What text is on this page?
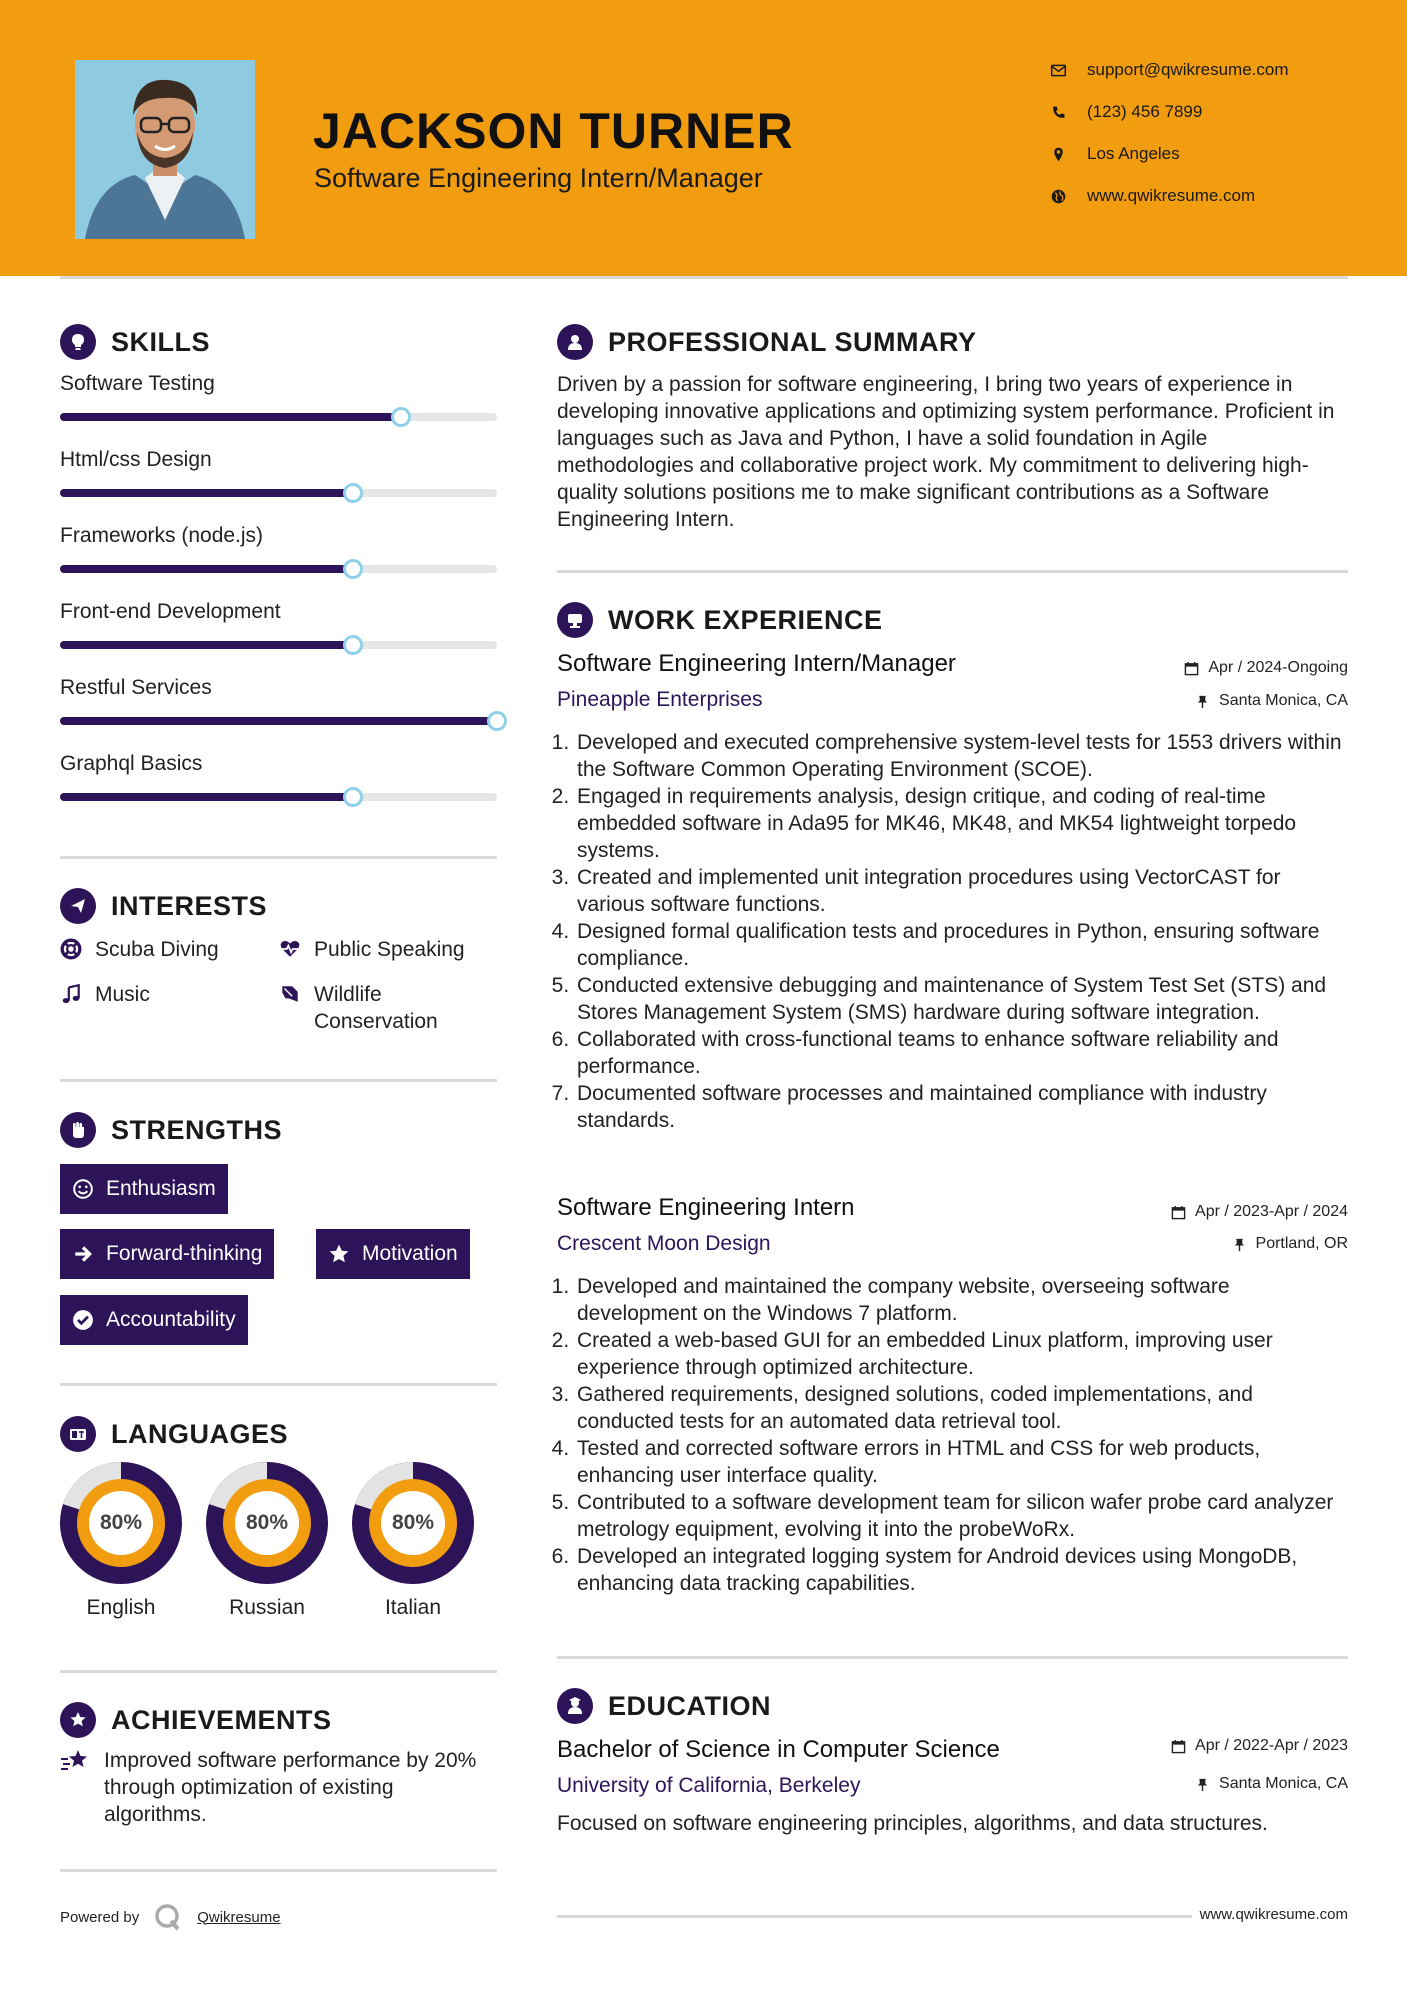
JACKSON TURNER
Software Engineering Intern/Manager
support@qwikresume.com
(123) 456 7899
Los Angeles
www.qwikresume.com
SKILLS
Software Testing
Html/css Design
Frameworks (node.js)
Front-end Development
Restful Services
Graphql Basics
INTERESTS
Scuba Diving	Public Speaking
Music	Wildlife Conservation
STRENGTHS
Enthusiasm
Forward-thinking	Motivation
Accountability
LANGUAGES
80%
English
80%
Russian
80%
Italian
ACHIEVEMENTS

Improved software performance by 20% through optimization of existing algorithms.

Powered by	Qwikresume
PROFESSIONAL SUMMARY
Driven by a passion for software engineering, I bring two years of experience in developing innovative applications and optimizing system performance. Proficient in languages such as Java and Python, I have a solid foundation in Agile methodologies and collaborative project work. My commitment to delivering high-quality solutions positions me to make significant contributions as a Software Engineering Intern.
WORK EXPERIENCE
Software Engineering Intern/Manager	Apr / 2024-Ongoing
Pineapple Enterprises	Santa Monica, CA
1. Developed and executed comprehensive system-level tests for 1553 drivers within the Software Common Operating Environment (SCOE).
2. Engaged in requirements analysis, design critique, and coding of real-time embedded software in Ada95 for MK46, MK48, and MK54 lightweight torpedo systems.
3. Created and implemented unit integration procedures using VectorCAST for various software functions.
4. Designed formal qualification tests and procedures in Python, ensuring software compliance.
5. Conducted extensive debugging and maintenance of System Test Set (STS) and Stores Management System (SMS) hardware during software integration.
6. Collaborated with cross-functional teams to enhance software reliability and performance.
7. Documented software processes and maintained compliance with industry standards.
Software Engineering Intern	Apr / 2023-Apr / 2024
Crescent Moon Design	Portland, OR
1. Developed and maintained the company website, overseeing software development on the Windows 7 platform.
2. Created a web-based GUI for an embedded Linux platform, improving user experience through optimized architecture.
3. Gathered requirements, designed solutions, coded implementations, and conducted tests for an automated data retrieval tool.
4. Tested and corrected software errors in HTML and CSS for web products, enhancing user interface quality.
5. Contributed to a software development team for silicon wafer probe card analyzer metrology equipment, evolving it into the probeWoRx.
6. Developed an integrated logging system for Android devices using MongoDB, enhancing data tracking capabilities.
EDUCATION
Bachelor of Science in Computer Science	Apr / 2022-Apr / 2023
University of California, Berkeley	Santa Monica, CA
Focused on software engineering principles, algorithms, and data structures.
www.qwikresume.com
